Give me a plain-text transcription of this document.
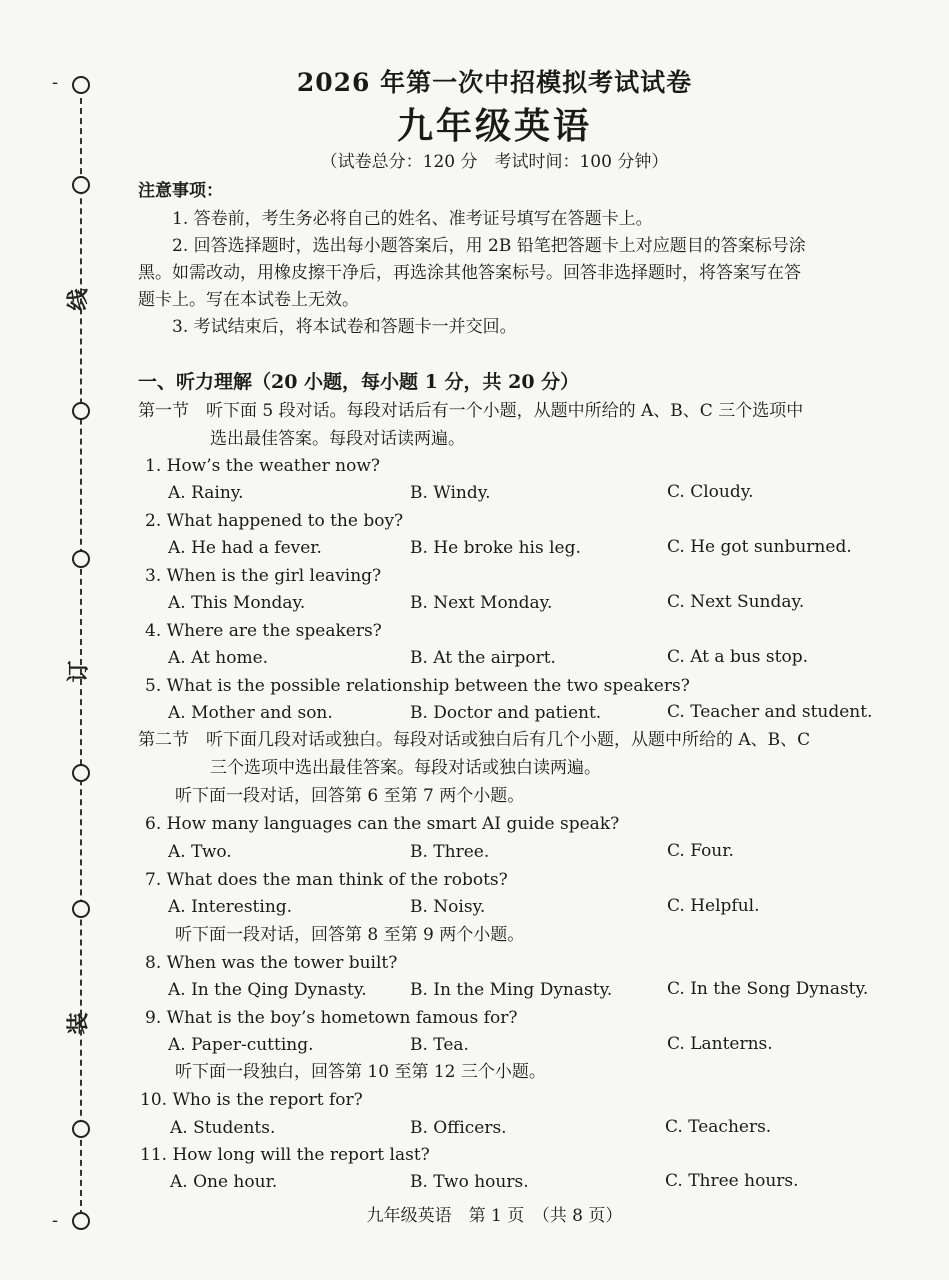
-
线
订
装
-
2026 年第一次中招模拟考试试卷
九年级英语
（试卷总分：120 分　考试时间：100 分钟）
注意事项：
1. 答卷前，考生务必将自己的姓名、准考证号填写在答题卡上。
2. 回答选择题时，选出每小题答案后，用 2B 铅笔把答题卡上对应题目的答案标号涂
黑。如需改动，用橡皮擦干净后，再选涂其他答案标号。回答非选择题时，将答案写在答
题卡上。写在本试卷上无效。
3. 考试结束后，将本试卷和答题卡一并交回。
一、听力理解（20 小题，每小题 1 分，共 20 分）
第一节　听下面 5 段对话。每段对话后有一个小题，从题中所给的 A、B、C 三个选项中
选出最佳答案。每段对话读两遍。
1. How’s the weather now?
A. Rainy.	B. Windy.	C. Cloudy.
2. What happened to the boy?
A. He had a fever.	B. He broke his leg.	C. He got sunburned.
3. When is the girl leaving?
A. This Monday.	B. Next Monday.	C. Next Sunday.
4. Where are the speakers?
A. At home.	B. At the airport.	C. At a bus stop.
5. What is the possible relationship between the two speakers?
A. Mother and son.	B. Doctor and patient.	C. Teacher and student.
第二节　听下面几段对话或独白。每段对话或独白后有几个小题，从题中所给的 A、B、C
三个选项中选出最佳答案。每段对话或独白读两遍。
听下面一段对话，回答第 6 至第 7 两个小题。
6. How many languages can the smart AI guide speak?
A. Two.	B. Three.	C. Four.
7. What does the man think of the robots?
A. Interesting.	B. Noisy.	C. Helpful.
听下面一段对话，回答第 8 至第 9 两个小题。
8. When was the tower built?
A. In the Qing Dynasty.	B. In the Ming Dynasty.	C. In the Song Dynasty.
9. What is the boy’s hometown famous for?
A. Paper-cutting.	B. Tea.	C. Lanterns.
听下面一段独白，回答第 10 至第 12 三个小题。
10. Who is the report for?
A. Students.	B. Officers.	C. Teachers.
11. How long will the report last?
A. One hour.	B. Two hours.	C. Three hours.
九年级英语　第 1 页　（共 8 页）
